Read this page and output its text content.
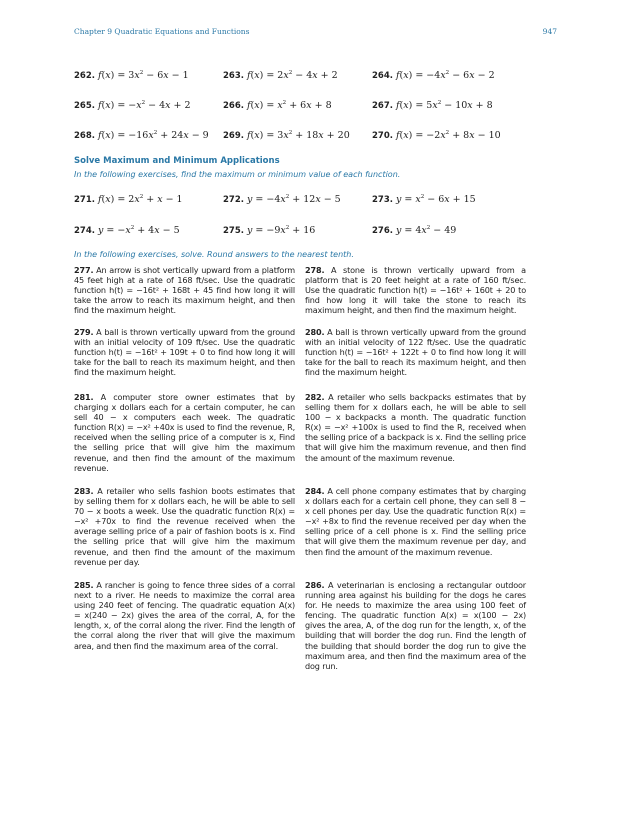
Chapter 9 Quadratic Equations and Functions	947
262. $f(x) = 3x^2 - 6x - 1$	263. $f(x) = 2x^2 - 4x + 2$	264. $f(x) = -4x^2 - 6x - 2$
265. $f(x) = -x^2 - 4x + 2$	266. $f(x) = x^2 + 6x + 8$	267. $f(x) = 5x^2 - 10x + 8$
268. $f(x) = -16x^2 + 24x - 9$ 269. $f(x) = 3x^2 + 18x + 20$	270. $f(x) = -2x^2 + 8x - 10$
Solve Maximum and Minimum Applications
In the following exercises, find the maximum or minimum value of each function.
271. $f(x) = 2x^2 + x - 1$	272. $y = -4x^2 + 12x - 5$	273. $y = x^2 - 6x + 15$
274. $y = -x^2 + 4x - 5$	275. $y = -9x^2 + 16$	276. $y = 4x^2 - 49$
In the following exercises, solve. Round answers to the nearest tenth.
277. An arrow is shot vertically upward from a platform 45 feet high at a rate of 168 ft/sec. Use the quadratic function h(t) = −16t² + 168t + 45 find how long it will take the arrow to reach its maximum height, and then find the maximum height.
278. A stone is thrown vertically upward from a platform that is 20 feet height at a rate of 160 ft/sec. Use the quadratic function h(t) = −16t² + 160t + 20 to find how long it will take the stone to reach its maximum height, and then find the maximum height.
279. A ball is thrown vertically upward from the ground with an initial velocity of 109 ft/sec. Use the quadratic function h(t) = −16t² + 109t + 0 to find how long it will take for the ball to reach its maximum height, and then find the maximum height.
280. A ball is thrown vertically upward from the ground with an initial velocity of 122 ft/sec. Use the quadratic function h(t) = −16t² + 122t + 0 to find how long it will take for the ball to reach its maximum height, and then find the maximum height.
281. A computer store owner estimates that by charging x dollars each for a certain computer, he can sell 40 − x computers each week. The quadratic function R(x) = −x² +40x is used to find the revenue, R, received when the selling price of a computer is x, Find the selling price that will give him the maximum revenue, and then find the amount of the maximum revenue.
282. A retailer who sells backpacks estimates that by selling them for x dollars each, he will be able to sell 100 − x backpacks a month. The quadratic function R(x) = −x² +100x is used to find the R, received when the selling price of a backpack is x. Find the selling price that will give him the maximum revenue, and then find the amount of the maximum revenue.
283. A retailer who sells fashion boots estimates that by selling them for x dollars each, he will be able to sell 70 − x boots a week. Use the quadratic function R(x) = −x² +70x to find the revenue received when the average selling price of a pair of fashion boots is x. Find the selling price that will give him the maximum revenue, and then find the amount of the maximum revenue per day.
284. A cell phone company estimates that by charging x dollars each for a certain cell phone, they can sell 8 − x cell phones per day. Use the quadratic function R(x) = −x² +8x to find the revenue received per day when the selling price of a cell phone is x. Find the selling price that will give them the maximum revenue per day, and then find the amount of the maximum revenue.
285. A rancher is going to fence three sides of a corral next to a river. He needs to maximize the corral area using 240 feet of fencing. The quadratic equation A(x) = x(240 − 2x) gives the area of the corral, A, for the length, x, of the corral along the river. Find the length of the corral along the river that will give the maximum area, and then find the maximum area of the corral.
286. A veterinarian is enclosing a rectangular outdoor running area against his building for the dogs he cares for. He needs to maximize the area using 100 feet of fencing. The quadratic function A(x) = x(100 − 2x) gives the area, A, of the dog run for the length, x, of the building that will border the dog run. Find the length of the building that should border the dog run to give the maximum area, and then find the maximum area of the dog run.
